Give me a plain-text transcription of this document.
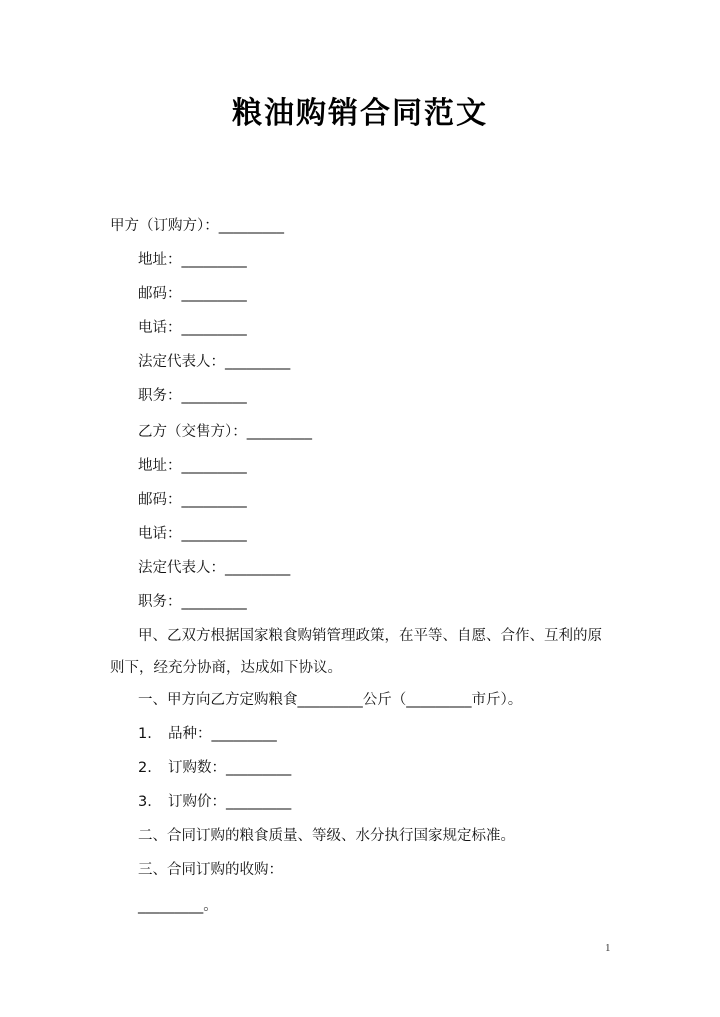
粮油购销合同范文
甲方（订购方）：_________
地址：_________
邮码：_________
电话：_________
法定代表人：_________
职务：_________
乙方（交售方）：_________
地址：_________
邮码：_________
电话：_________
法定代表人：_________
职务：_________
甲、乙双方根据国家粮食购销管理政策，在平等、自愿、合作、互利的原则下，经充分协商，达成如下协议。
一、甲方向乙方定购粮食_________公斤（_________市斤）。
1. 品种：_________
2. 订购数：_________
3. 订购价：_________
二、合同订购的粮食质量、等级、水分执行国家规定标准。
三、合同订购的收购：
_________。
1
